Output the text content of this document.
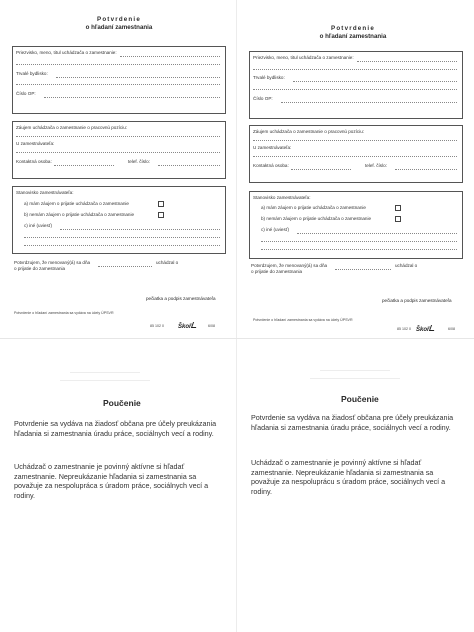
Potvrdenie
o hľadaní zamestnania
Priezvisko, meno, titul uchádzača o zamestnanie:
Trvalé bydlisko:
Číslo OP:
Záujem uchádzača o zamestnanie o pracovnú pozíciu:
U zamestnávateľa:
Kontaktná osoba:	telef. číslo:
Stanovisko zamestnávateľa:
a) mám záujem o prijatie uchádzača o zamestnanie
b) nemám záujem o prijatie uchádzača o zamestnanie
c) iné (uviesť)
Potvrdzujem, že menovaný(á) sa dňa	uchádzal o
o prijatie do zamestnania
pečiatka a podpis zamestnávateľa
Potvrdenie o hľadaní zamestnania sa vydáva na účely ÚPSVR
85 102 0 Škoř	6/08
Poučenie
Potvrdenie sa vydáva na žiadosť občana pre účely preukázania hľadania si zamestnania úradu práce, sociálnych vecí a rodiny.
Uchádzač o zamestnanie je povinný aktívne si hľadať zamestnanie. Nepreukázanie hľadania si zamestnania sa považuje za nespolupráca s úradom práce, sociálnych vecí a rodiny.
Potvrdenie
o hľadaní zamestnania
Priezvisko, meno, titul uchádzača o zamestnanie:
Trvalé bydlisko:
Číslo OP:
Záujem uchádzača o zamestnanie o pracovnú pozíciu:
U zamestnávateľa:
Kontaktná osoba:	telef. číslo:
Stanovisko zamestnávateľa:
a) mám záujem o prijatie uchádzača o zamestnanie
b) nemám záujem o prijatie uchádzača o zamestnanie
c) iné (uviesť)
Potvrdzujem, že menovaný(á) sa dňa	uchádzal o
o prijatie do zamestnania
pečiatka a podpis zamestnávateľa
Potvrdenie o hľadaní zamestnania sa vydáva na účely ÚPSVR
85 102 0 Škoř	6/08
Poučenie
Potvrdenie sa vydáva na žiadosť občana pre účely preukázania hľadania si zamestnania úradu práce, sociálnych vecí a rodiny.
Uchádzač o zamestnanie je povinný aktívne si hľadať zamestnanie. Nepreukázanie hľadania si zamestnania sa považuje za nespoluprácu s úradom práce, sociálnych vecí a rodiny.
